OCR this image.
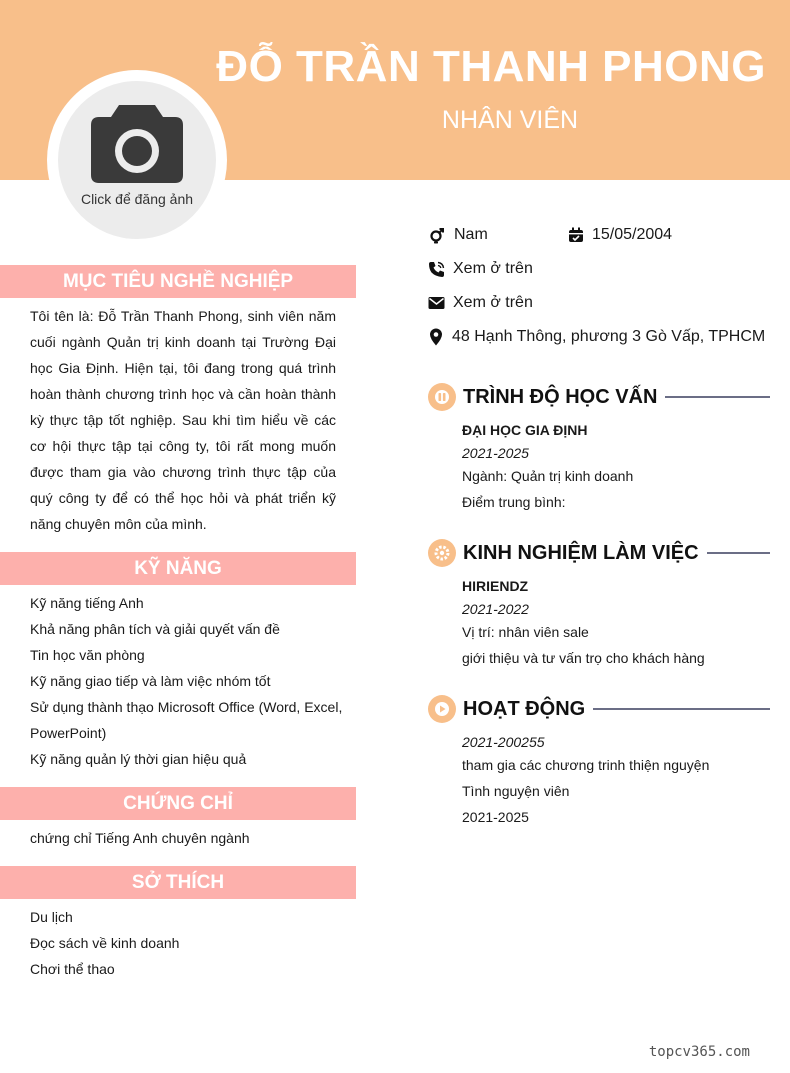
ĐỖ TRẦN THANH PHONG
NHÂN VIÊN
Click để đăng ảnh
MỤC TIÊU NGHỀ NGHIỆP
Tôi tên là: Đỗ Trần Thanh Phong, sinh viên năm cuối ngành Quản trị kinh doanh tại Trường Đại học Gia Định. Hiện tại, tôi đang trong quá trình hoàn thành chương trình học và cần hoàn thành kỳ thực tập tốt nghiệp. Sau khi tìm hiểu về các cơ hội thực tập tại công ty, tôi rất mong muốn được tham gia vào chương trình thực tập của quý công ty để có thể học hỏi và phát triển kỹ năng chuyên môn của mình.
KỸ NĂNG
Kỹ năng tiếng Anh
Khả năng phân tích và giải quyết vấn đề
Tin học văn phòng
Kỹ năng giao tiếp và làm việc nhóm tốt
Sử dụng thành thạo Microsoft Office (Word, Excel, PowerPoint)
Kỹ năng quản lý thời gian hiệu quả
CHỨNG CHỈ
chứng chỉ Tiếng Anh chuyên ngành
SỞ THÍCH
Du lịch
Đọc sách về kinh doanh
Chơi thể thao
Nam	15/05/2004
Xem ở trên
Xem ở trên
48 Hạnh Thông, phương 3 Gò Vấp, TPHCM
TRÌNH ĐỘ HỌC VẤN
ĐẠI HỌC GIA ĐỊNH
2021-2025
Ngành: Quản trị kinh doanh
Điểm trung bình:
KINH NGHIỆM LÀM VIỆC
HIRIENDZ
2021-2022
Vị trí: nhân viên sale
giới thiệu và tư vấn trọ cho khách hàng
HOẠT ĐỘNG
2021-200255
tham gia các chương trinh thiện nguyện
Tình nguyện viên
2021-2025
topcv365.com
